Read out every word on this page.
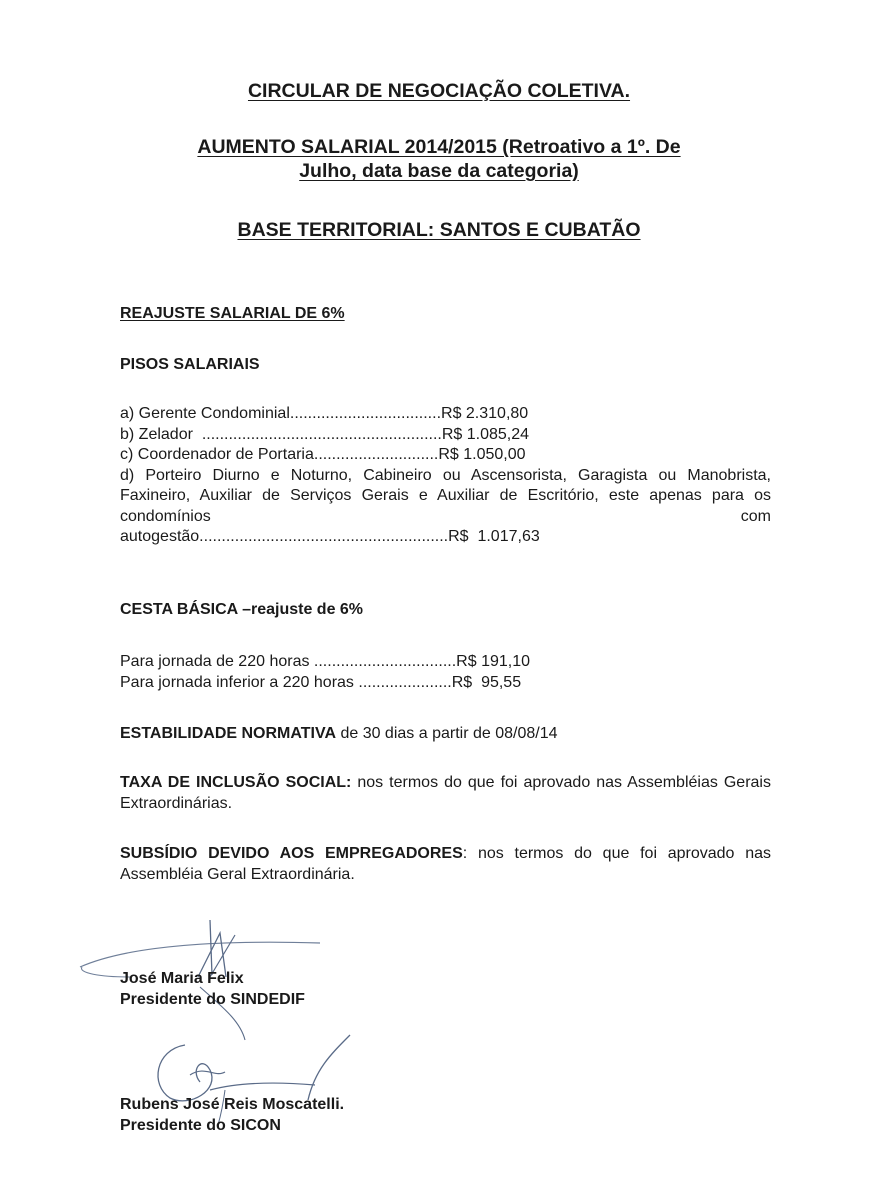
CIRCULAR DE NEGOCIAÇÃO COLETIVA.
AUMENTO SALARIAL 2014/2015 (Retroativo a 1º. De
Julho, data base da categoria)
BASE TERRITORIAL: SANTOS E CUBATÃO
REAJUSTE SALARIAL DE 6%
PISOS SALARIAIS
a) Gerente Condominial..................................R$ 2.310,80
b) Zelador  ......................................................R$ 1.085,24
c) Coordenador de Portaria............................R$ 1.050,00
d) Porteiro Diurno e Noturno, Cabineiro ou Ascensorista, Garagista ou Manobrista, Faxineiro, Auxiliar de Serviços Gerais e Auxiliar de Escritório, este apenas para os condomínios com
autogestão........................................................R$  1.017,63
CESTA BÁSICA –reajuste de 6%
Para jornada de 220 horas ................................R$ 191,10
Para jornada inferior a 220 horas .....................R$  95,55
ESTABILIDADE NORMATIVA de 30 dias a partir de 08/08/14
TAXA DE INCLUSÃO SOCIAL: nos termos do que foi aprovado nas Assembléias Gerais Extraordinárias.
SUBSÍDIO DEVIDO AOS EMPREGADORES: nos termos do que foi aprovado nas Assembléia Geral Extraordinária.
José Maria Felix
Presidente do SINDEDIF
Rubens José Reis Moscatelli.
Presidente do SICON
